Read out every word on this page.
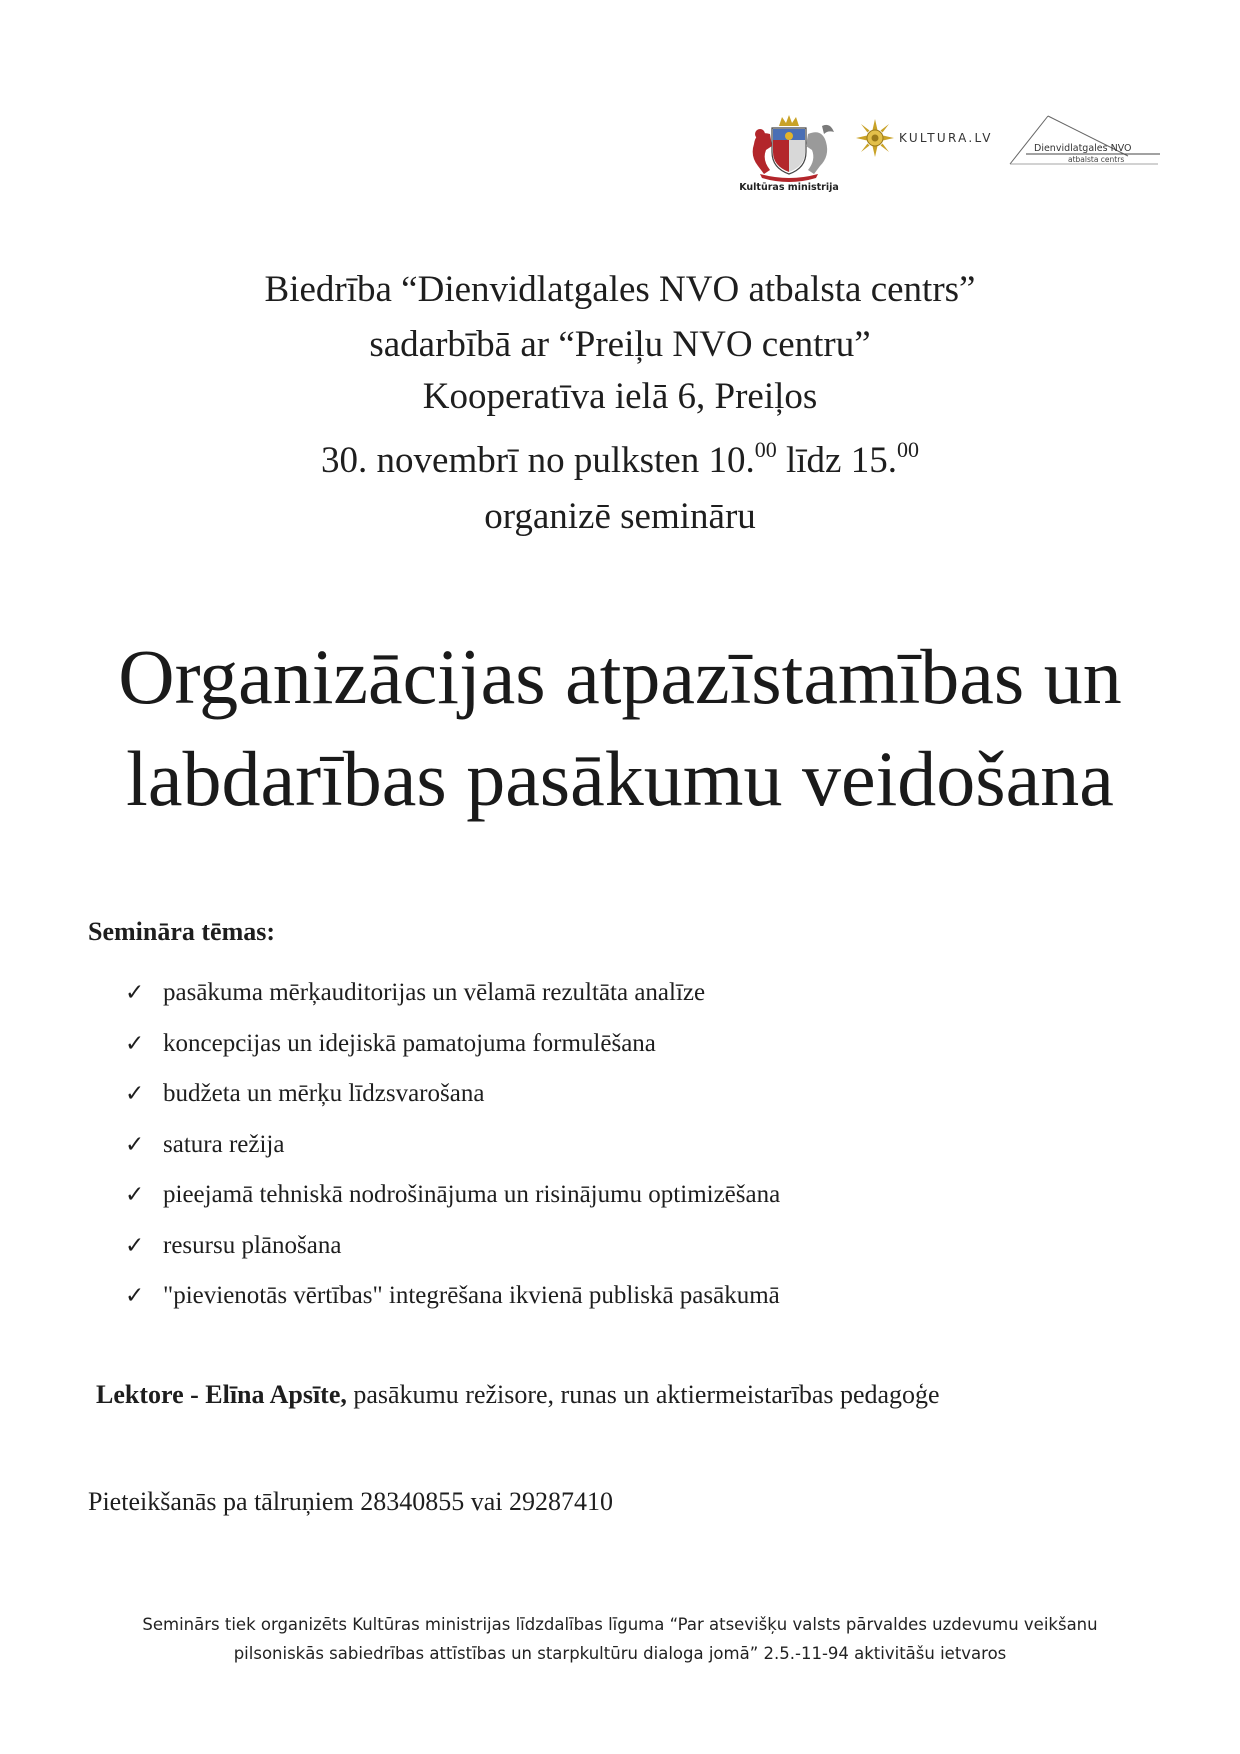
Kultūras ministrija
KULTURA.LV
Dienvidlatgales NVO
atbalsta centrs
Biedrība “Dienvidlatgales NVO atbalsta centrs”
sadarbībā ar “Preiļu NVO centru”
Kooperatīva ielā 6, Preiļos
30. novembrī no pulksten 10.00 līdz 15.00
organizē semināru
Organizācijas atpazīstamības un
labdarības pasākumu veidošana
Semināra tēmas:
✓ pasākuma mērķauditorijas un vēlamā rezultāta analīze
✓ koncepcijas un idejiskā pamatojuma formulēšana
✓ budžeta un mērķu līdzsvarošana
✓ satura režija
✓ pieejamā tehniskā nodrošinājuma un risinājumu optimizēšana
✓ resursu plānošana
✓ "pievienotās vērtības" integrēšana ikvienā publiskā pasākumā
Lektore - Elīna Apsīte, pasākumu režisore, runas un aktiermeistarības pedagoģe
Pieteikšanās pa tālruņiem 28340855 vai 29287410
Seminārs tiek organizēts Kultūras ministrijas līdzdalības līguma “Par atsevišķu valsts pārvaldes uzdevumu veikšanu
pilsoniskās sabiedrības attīstības un starpkultūru dialoga jomā” 2.5.-11-94 aktivitāšu ietvaros
